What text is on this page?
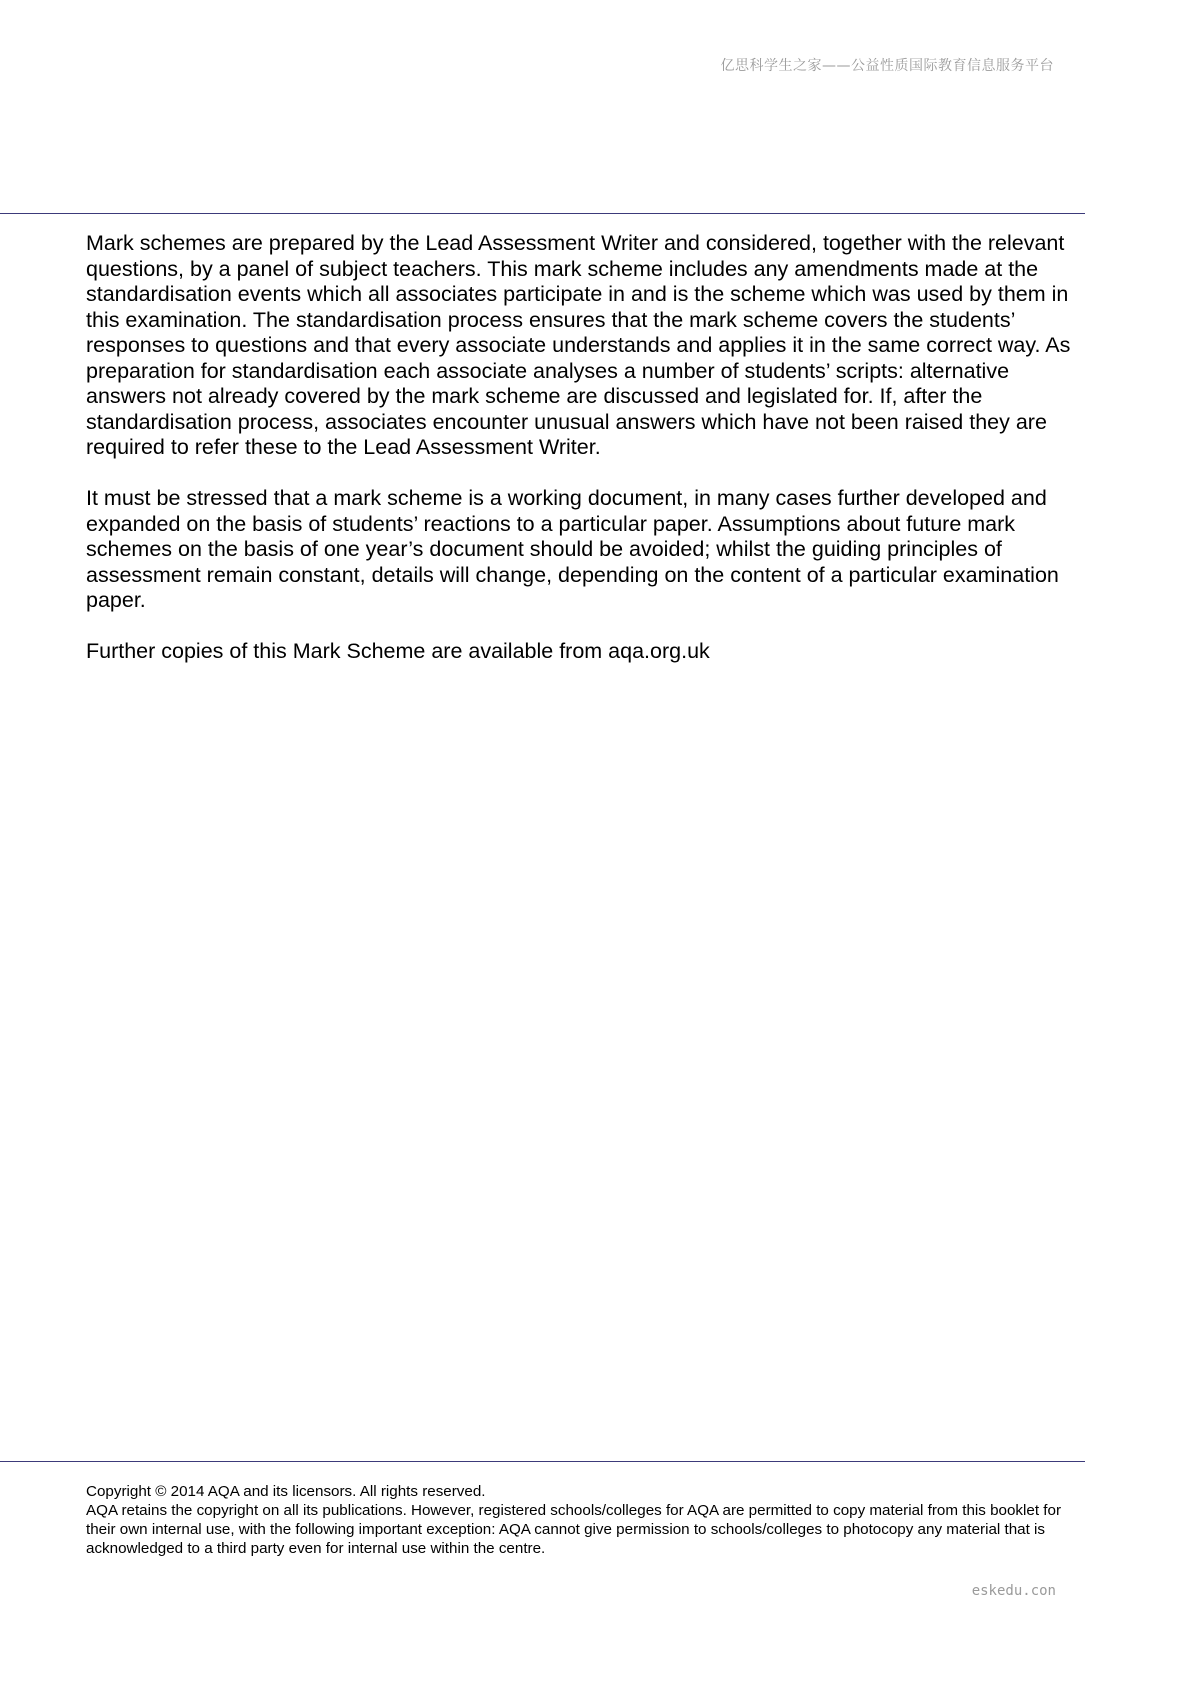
亿思科学生之家——公益性质国际教育信息服务平台

Mark schemes are prepared by the Lead Assessment Writer and considered, together with the relevant questions, by a panel of subject teachers. This mark scheme includes any amendments made at the standardisation events which all associates participate in and is the scheme which was used by them in this examination. The standardisation process ensures that the mark scheme covers the students’ responses to questions and that every associate understands and applies it in the same correct way. As preparation for standardisation each associate analyses a number of students’ scripts: alternative answers not already covered by the mark scheme are discussed and legislated for. If, after the standardisation process, associates encounter unusual answers which have not been raised they are required to refer these to the Lead Assessment Writer.

It must be stressed that a mark scheme is a working document, in many cases further developed and expanded on the basis of students’ reactions to a particular paper. Assumptions about future mark schemes on the basis of one year’s document should be avoided; whilst the guiding principles of assessment remain constant, details will change, depending on the content of a particular examination paper.

Further copies of this Mark Scheme are available from aqa.org.uk

Copyright © 2014 AQA and its licensors. All rights reserved.

AQA retains the copyright on all its publications. However, registered schools/colleges for AQA are permitted to copy material from this booklet for their own internal use, with the following important exception: AQA cannot give permission to schools/colleges to photocopy any material that is acknowledged to a third party even for internal use within the centre.

eskedu.con
